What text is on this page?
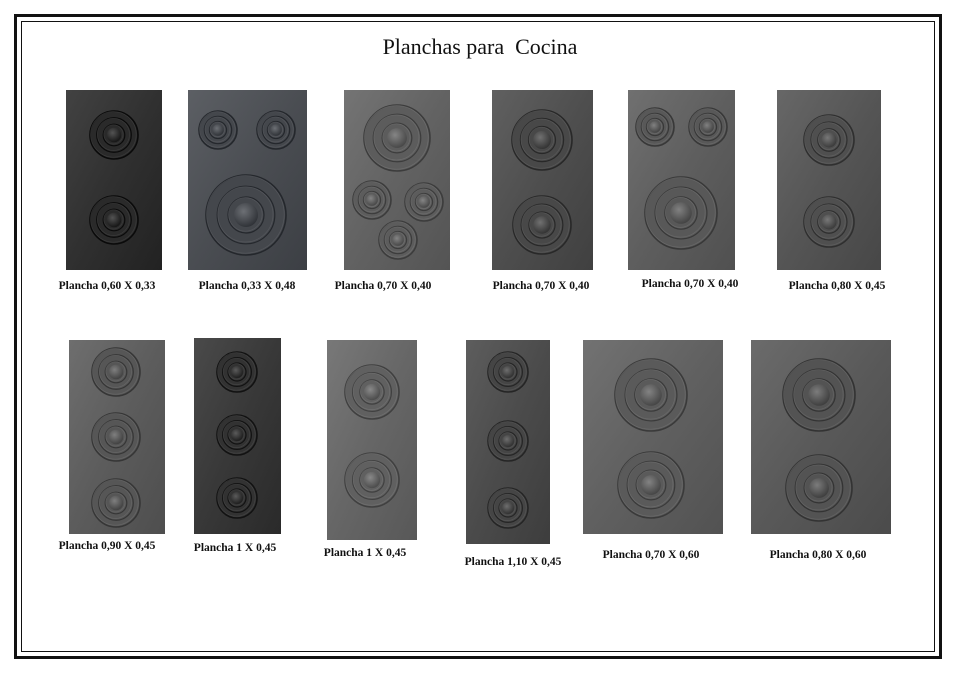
Planchas para  Cocina
Plancha 0,60 X 0,33	Plancha 0,33 X 0,48	Plancha 0,70 X 0,40	Plancha 0,70 X 0,40	Plancha 0,70 X 0,40	Plancha 0,80 X 0,45
Plancha 0,90 X 0,45	Plancha 1 X 0,45	Plancha 1 X 0,45
Plancha 1,10 X 0,45
Plancha 0,70 X 0,60	Plancha 0,80 X 0,60
